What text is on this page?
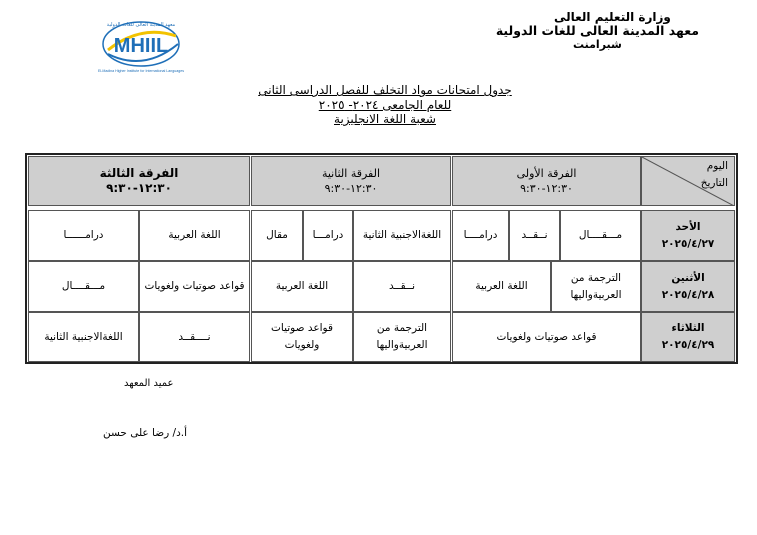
MHIIL
معهد المدينة العالى للغات الدولية
El-Madina Higher Institute for International Languages
وزارة التعليم العالى
معهد المدينة العالى للغات الدولية
شبرامنت
جدول امتحانات مواد التخلف للفصل الدراسى الثانى
للعام الجامعى ٢٠٢٤- ٢٠٢٥
شعبة اللغة الانجليزية
اليوم
التاريخ
الفرقة الأولى
١٢:٣٠-٩:٣٠
الفرقة الثانية
١٢:٣٠-٩:٣٠
الفرقة الثالثة
١٢:٣٠-٩:٣٠
الأحد
٢٠٢٥/٤/٢٧
مـــقــــال
نــقــد
درامــــا
اللغةالاجنبية الثانية
درامـــا
مقال
اللغة العربية
درامــــــا
الأثنين
٢٠٢٥/٤/٢٨
الترجمة من العربيةواليها
اللغة العربية
نــقــد
اللغة العربية
قواعد صوتيات ولغويات
مـــقــــال
الثلاثاء
٢٠٢٥/٤/٢٩
قواعد صوتيات ولغويات
الترجمة من العربيةواليها
قواعد صوتيات ولغويات
نــــقــد
اللغةالاجنبية الثانية
عميد المعهد
أ.د/ رضا على حسن
